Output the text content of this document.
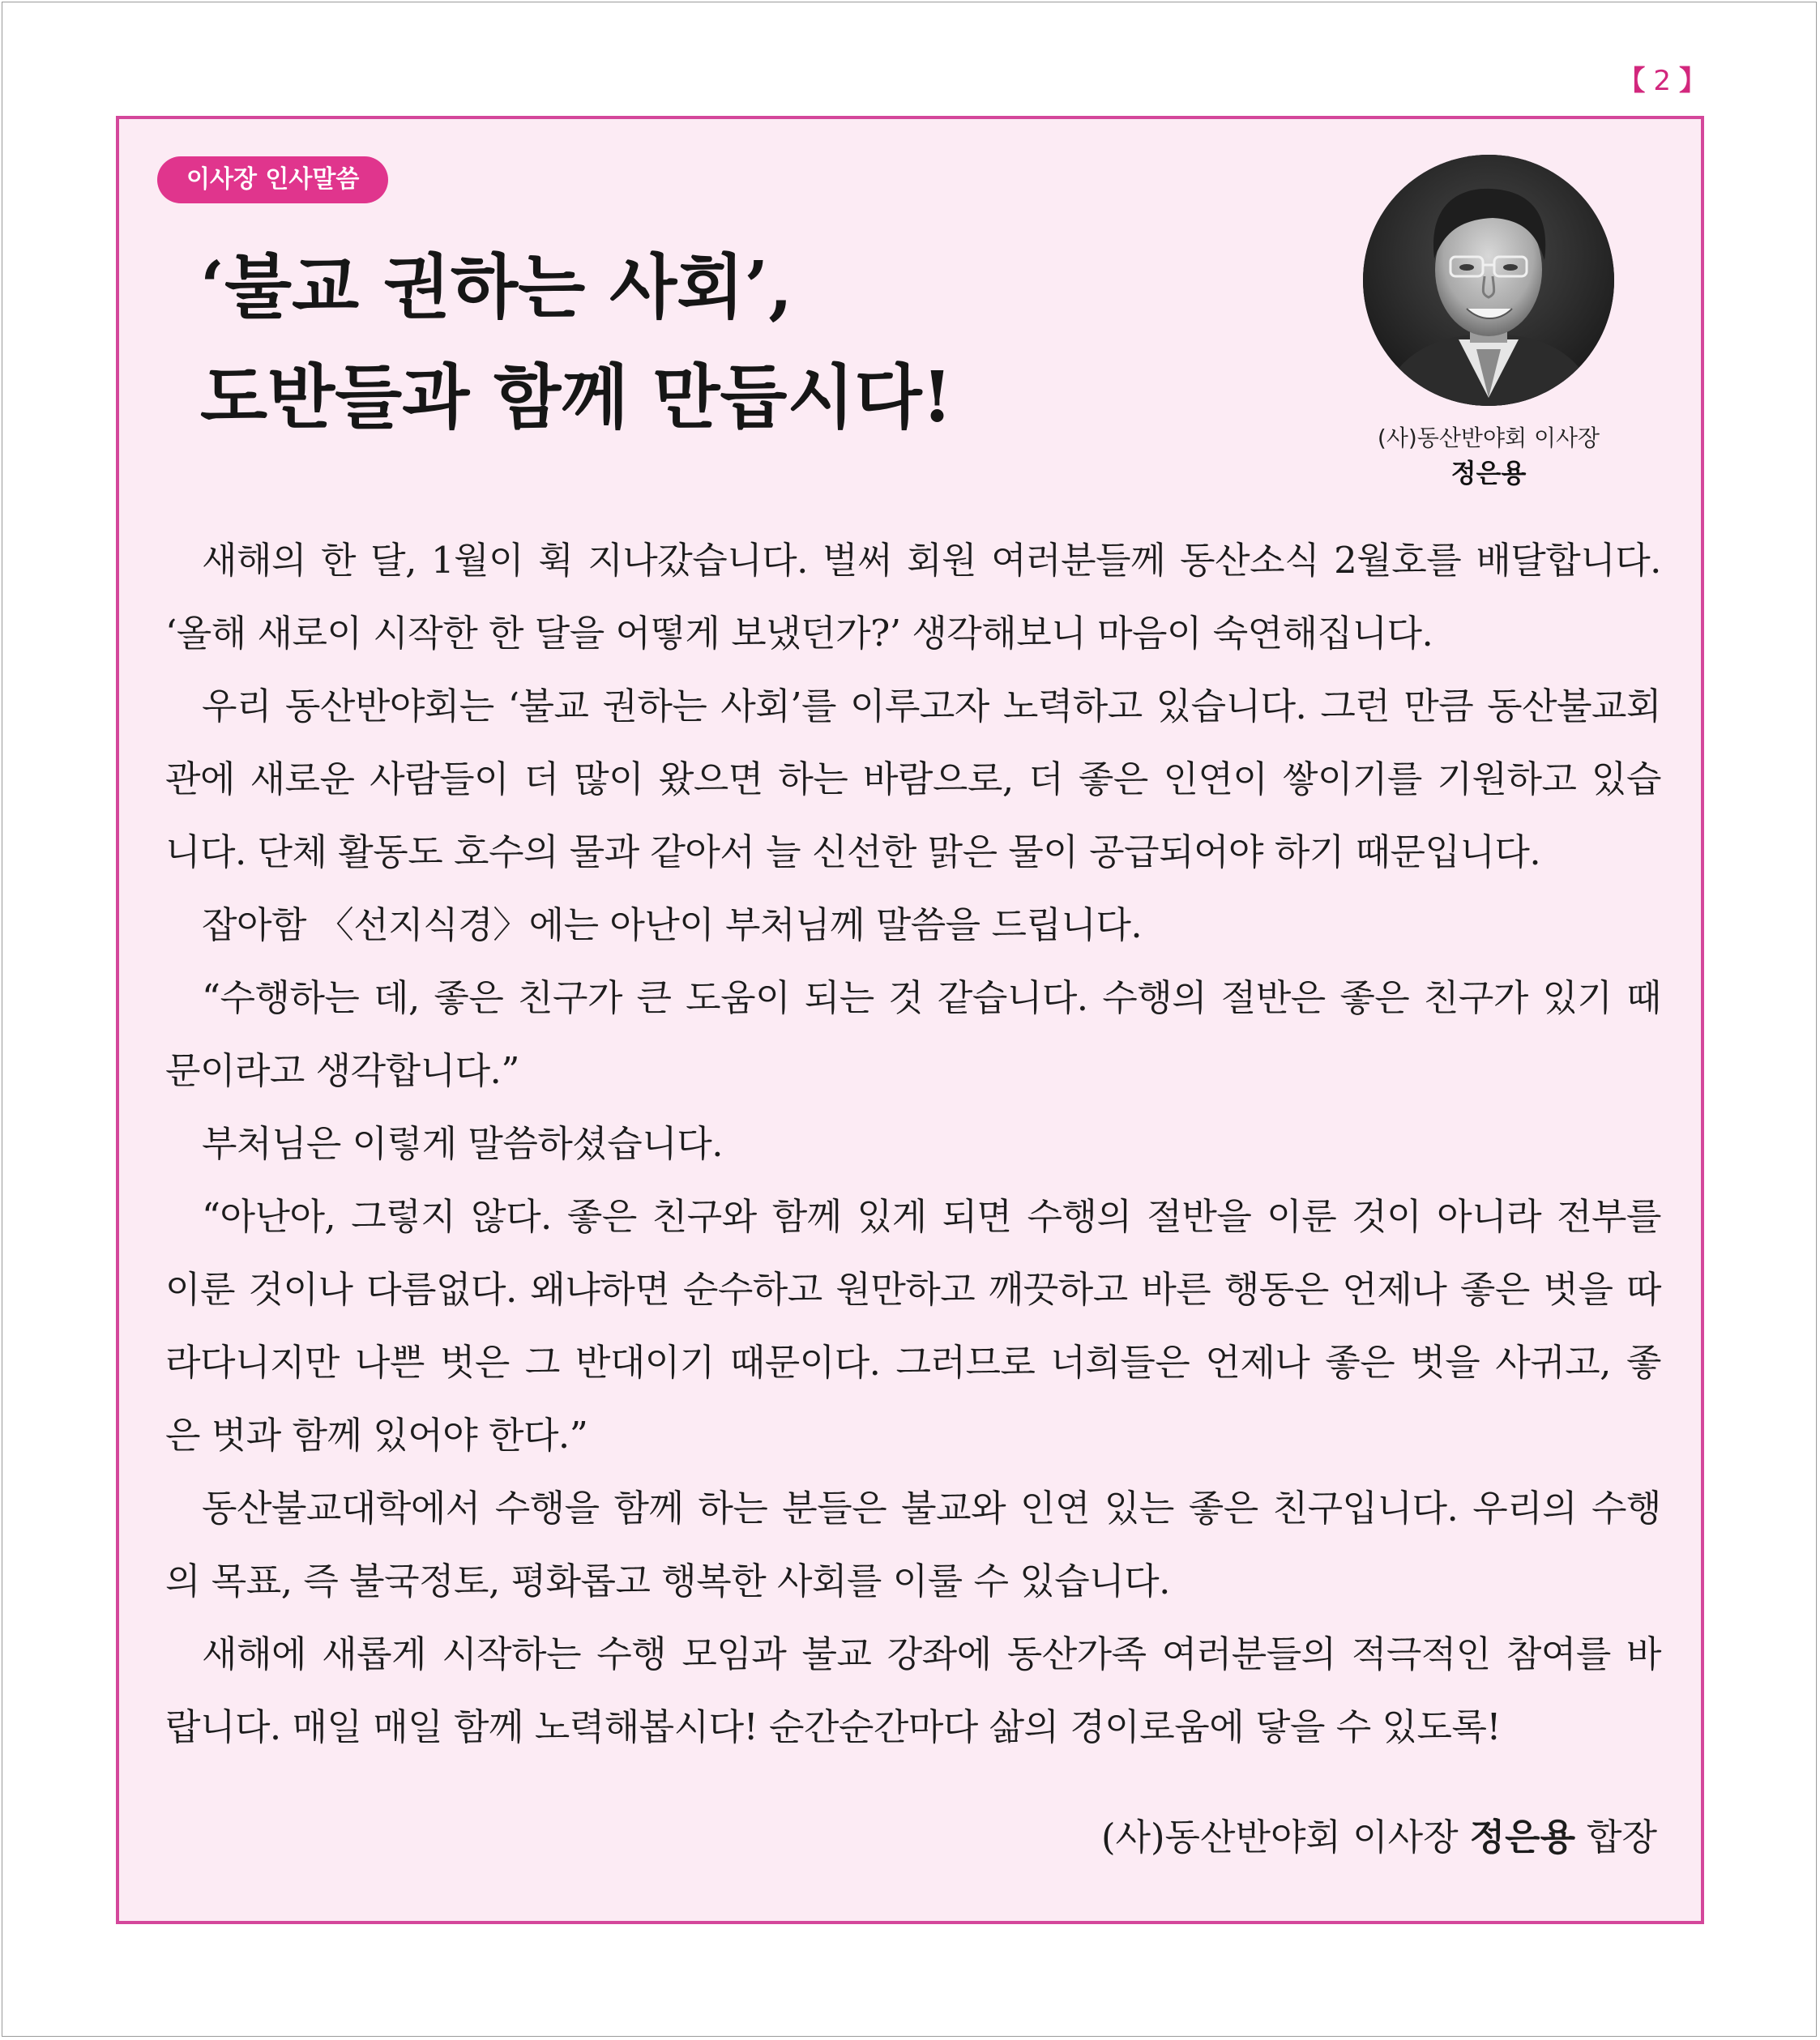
【 2 】
이사장 인사말씀
‘불교 권하는 사회’,
도반들과 함께 만듭시다!	(사)동산반야회 이사장
정은용
새해의 한 달, 1월이 휙 지나갔습니다. 벌써 회원 여러분들께 동산소식 2월호를 배달합니다.
‘올해 새로이 시작한 한 달을 어떻게 보냈던가?’ 생각해보니 마음이 숙연해집니다.
우리 동산반야회는 ‘불교 권하는 사회’를 이루고자 노력하고 있습니다. 그런 만큼 동산불교회
관에 새로운 사람들이 더 많이 왔으면 하는 바람으로, 더 좋은 인연이 쌓이기를 기원하고 있습
니다. 단체 활동도 호수의 물과 같아서 늘 신선한 맑은 물이 공급되어야 하기 때문입니다.
잡아함 〈선지식경〉에는 아난이 부처님께 말씀을 드립니다.
“수행하는 데, 좋은 친구가 큰 도움이 되는 것 같습니다. 수행의 절반은 좋은 친구가 있기 때
문이라고 생각합니다.”
부처님은 이렇게 말씀하셨습니다.
“아난아, 그렇지 않다. 좋은 친구와 함께 있게 되면 수행의 절반을 이룬 것이 아니라 전부를
이룬 것이나 다름없다. 왜냐하면 순수하고 원만하고 깨끗하고 바른 행동은 언제나 좋은 벗을 따
라다니지만 나쁜 벗은 그 반대이기 때문이다. 그러므로 너희들은 언제나 좋은 벗을 사귀고, 좋
은 벗과 함께 있어야 한다.”
동산불교대학에서 수행을 함께 하는 분들은 불교와 인연 있는 좋은 친구입니다. 우리의 수행
의 목표, 즉 불국정토, 평화롭고 행복한 사회를 이룰 수 있습니다.
새해에 새롭게 시작하는 수행 모임과 불교 강좌에 동산가족 여러분들의 적극적인 참여를 바
랍니다. 매일 매일 함께 노력해봅시다! 순간순간마다 삶의 경이로움에 닿을 수 있도록!
(사)동산반야회 이사장 정은용 합장
